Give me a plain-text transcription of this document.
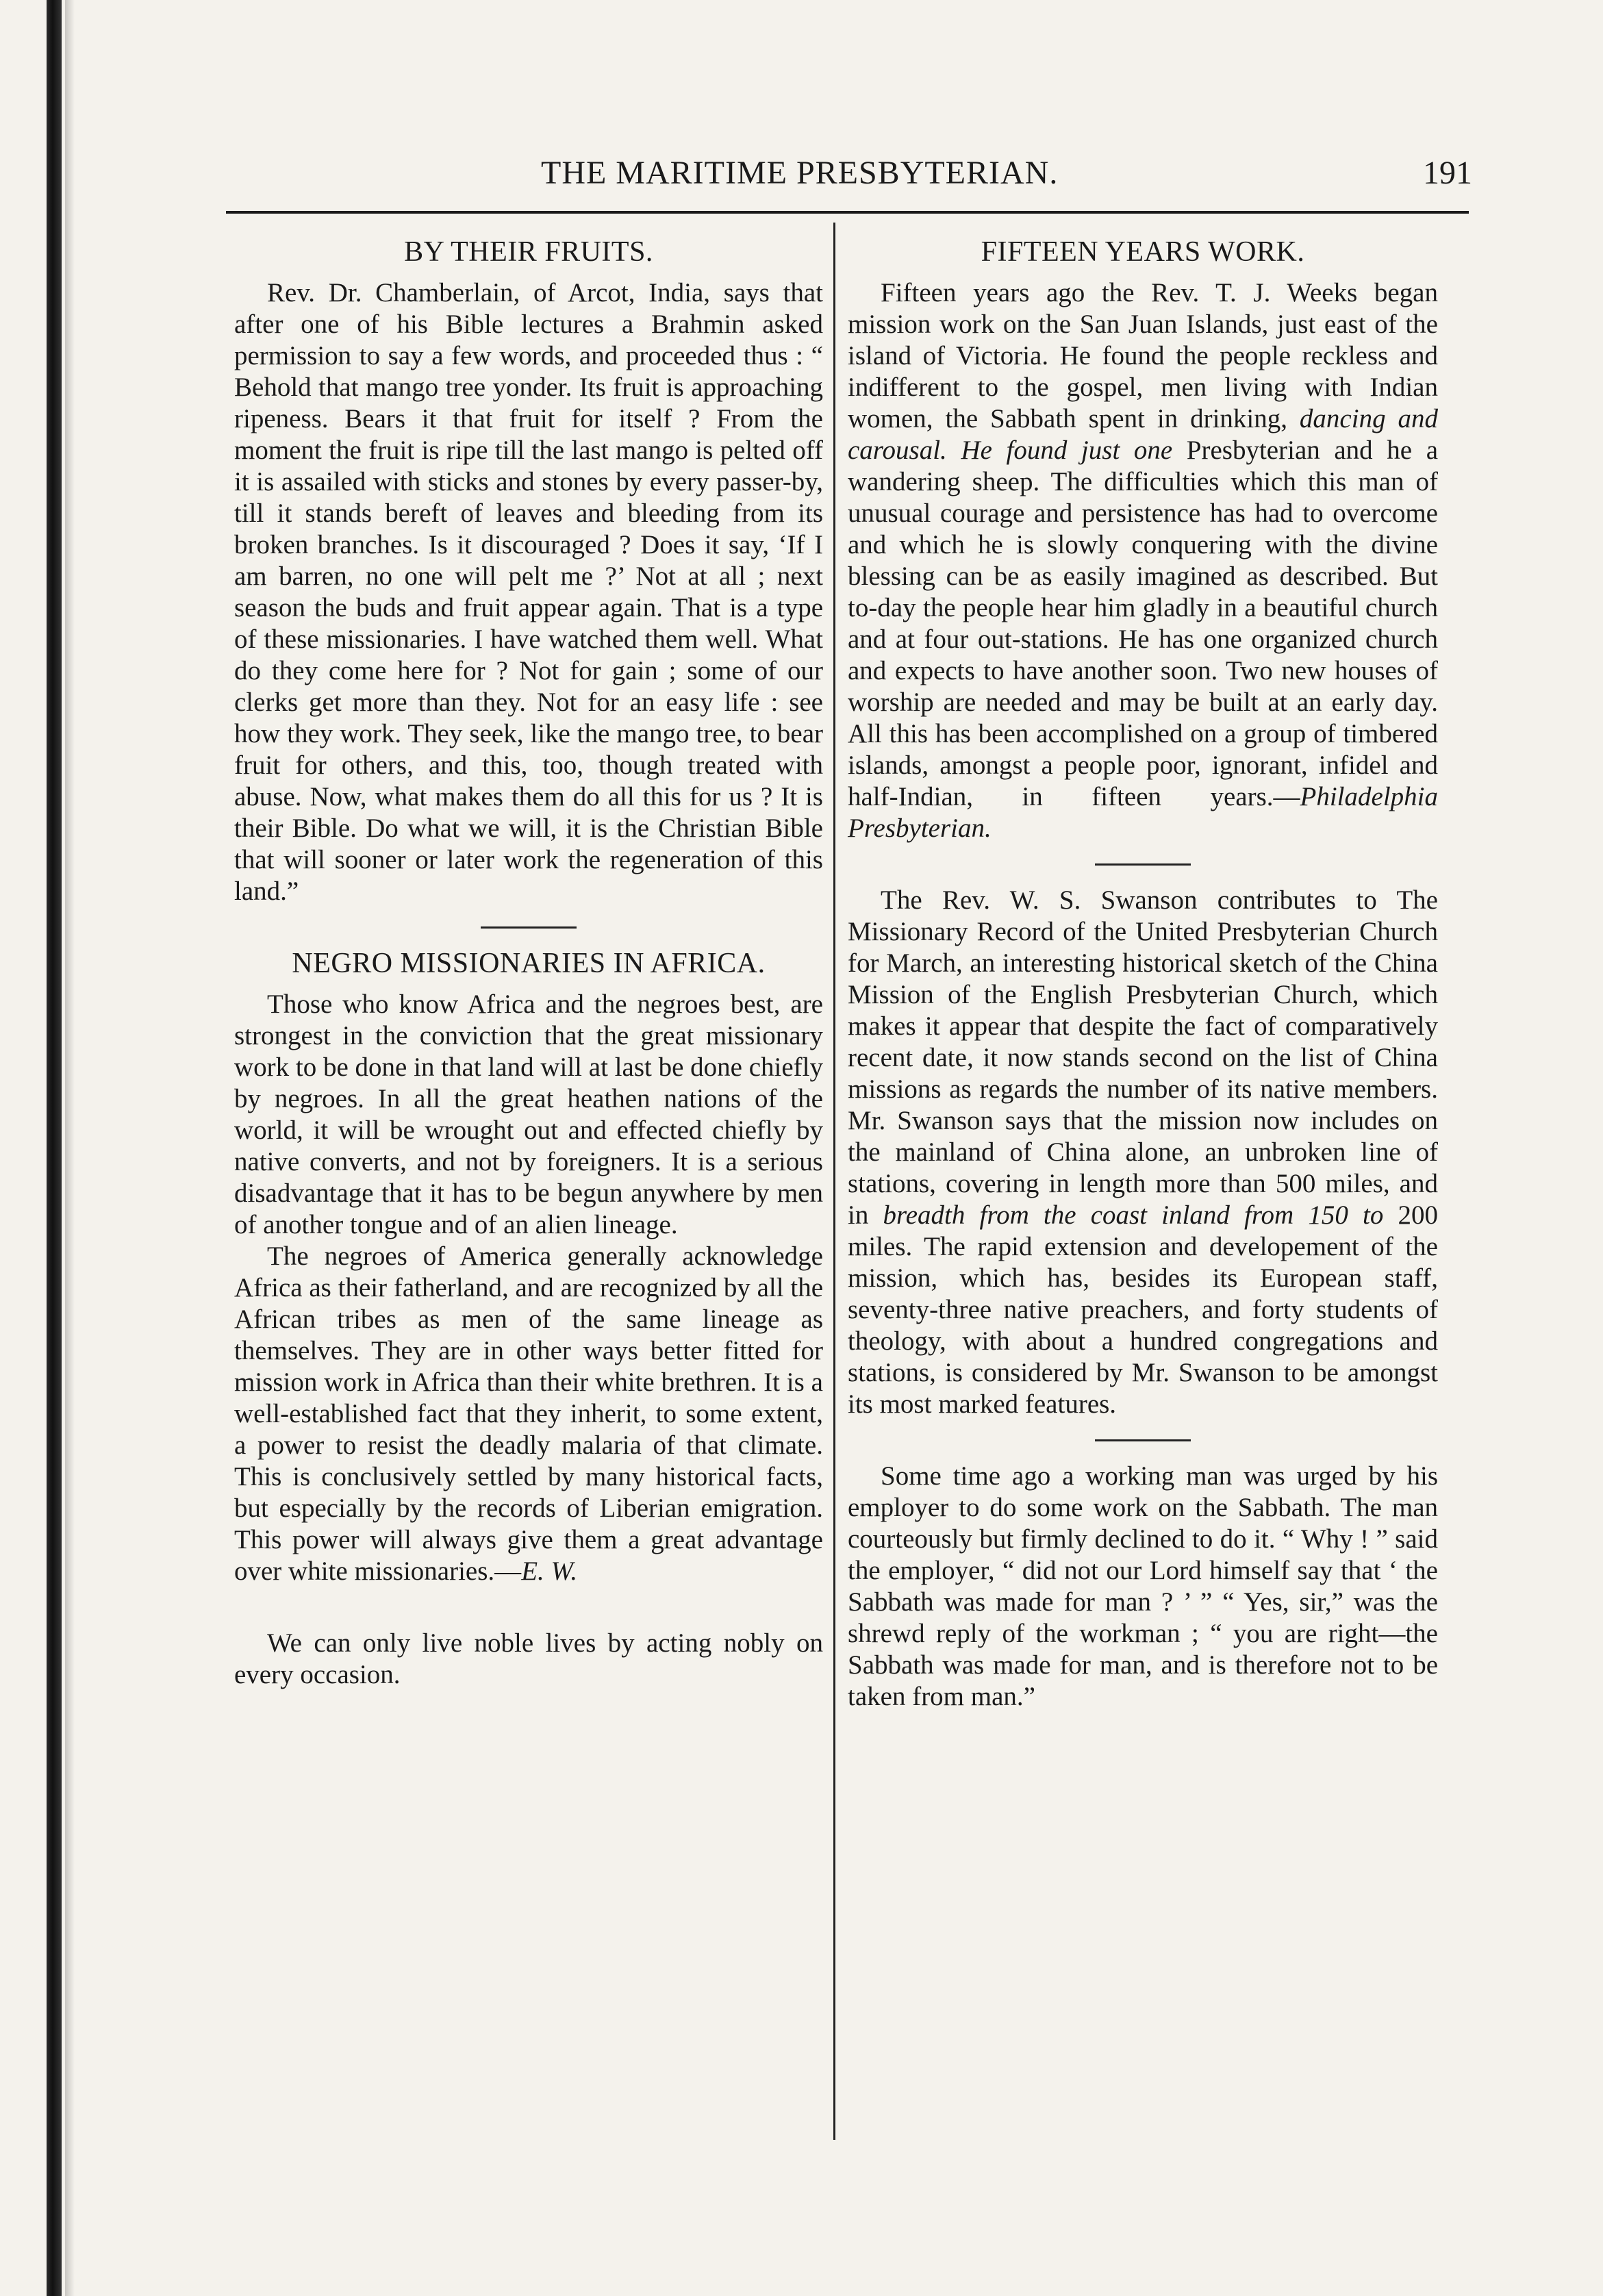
THE MARITIME PRESBYTERIAN.	191
BY THEIR FRUITS.

Rev. Dr. Chamberlain, of Arcot, India, says that after one of his Bible lectures a Brahmin asked permission to say a few words, and proceeded thus : “ Behold that mango tree yonder. Its fruit is approaching ripeness. Bears it that fruit for itself ? From the moment the fruit is ripe till the last mango is pelted off it is assailed with sticks and stones by every passer-by, till it stands bereft of leaves and bleeding from its broken branches. Is it discouraged ? Does it say, ‘If I am barren, no one will pelt me ?’ Not at all ; next season the buds and fruit appear again. That is a type of these missionaries. I have watched them well. What do they come here for ? Not for gain ; some of our clerks get more than they. Not for an easy life : see how they work. They seek, like the mango tree, to bear fruit for others, and this, too, though treated with abuse. Now, what makes them do all this for us ? It is their Bible. Do what we will, it is the Christian Bible that will sooner or later work the regeneration of this land.”

NEGRO MISSIONARIES IN AFRICA.

Those who know Africa and the negroes best, are strongest in the conviction that the great missionary work to be done in that land will at last be done chiefly by negroes. In all the great heathen nations of the world, it will be wrought out and effected chiefly by native converts, and not by foreigners. It is a serious disadvantage that it has to be begun anywhere by men of another tongue and of an alien lineage.

The negroes of America generally acknowledge Africa as their fatherland, and are recognized by all the African tribes as men of the same lineage as themselves. They are in other ways better fitted for mission work in Africa than their white brethren. It is a well-established fact that they inherit, to some extent, a power to resist the deadly malaria of that climate. This is conclusively settled by many historical facts, but especially by the records of Liberian emigration. This power will always give them a great advantage over white missionaries.—E. W.

We can only live noble lives by acting nobly on every occasion.

FIFTEEN YEARS WORK.

Fifteen years ago the Rev. T. J. Weeks began mission work on the San Juan Islands, just east of the island of Victoria. He found the people reckless and indifferent to the gospel, men living with Indian women, the Sabbath spent in drinking, dancing and carousal. He found just one Presbyterian and he a wandering sheep. The difficulties which this man of unusual courage and persistence has had to overcome and which he is slowly conquering with the divine blessing can be as easily imagined as described. But to-day the people hear him gladly in a beautiful church and at four out-stations. He has one organized church and expects to have another soon. Two new houses of worship are needed and may be built at an early day. All this has been accomplished on a group of timbered islands, amongst a people poor, ignorant, infidel and half-Indian, in fifteen years.—Philadelphia Presbyterian.

The Rev. W. S. Swanson contributes to The Missionary Record of the United Presbyterian Church for March, an interesting historical sketch of the China Mission of the English Presbyterian Church, which makes it appear that despite the fact of comparatively recent date, it now stands second on the list of China missions as regards the number of its native members. Mr. Swanson says that the mission now includes on the mainland of China alone, an unbroken line of stations, covering in length more than 500 miles, and in breadth from the coast inland from 150 to 200 miles. The rapid extension and developement of the mission, which has, besides its European staff, seventy-three native preachers, and forty students of theology, with about a hundred congregations and stations, is considered by Mr. Swanson to be amongst its most marked features.

Some time ago a working man was urged by his employer to do some work on the Sabbath. The man courteously but firmly declined to do it. “ Why ! ” said the employer, “ did not our Lord himself say that ‘ the Sabbath was made for man ? ’ ” “ Yes, sir,” was the shrewd reply of the workman ; “ you are right—the Sabbath was made for man, and is therefore not to be taken from man.”
